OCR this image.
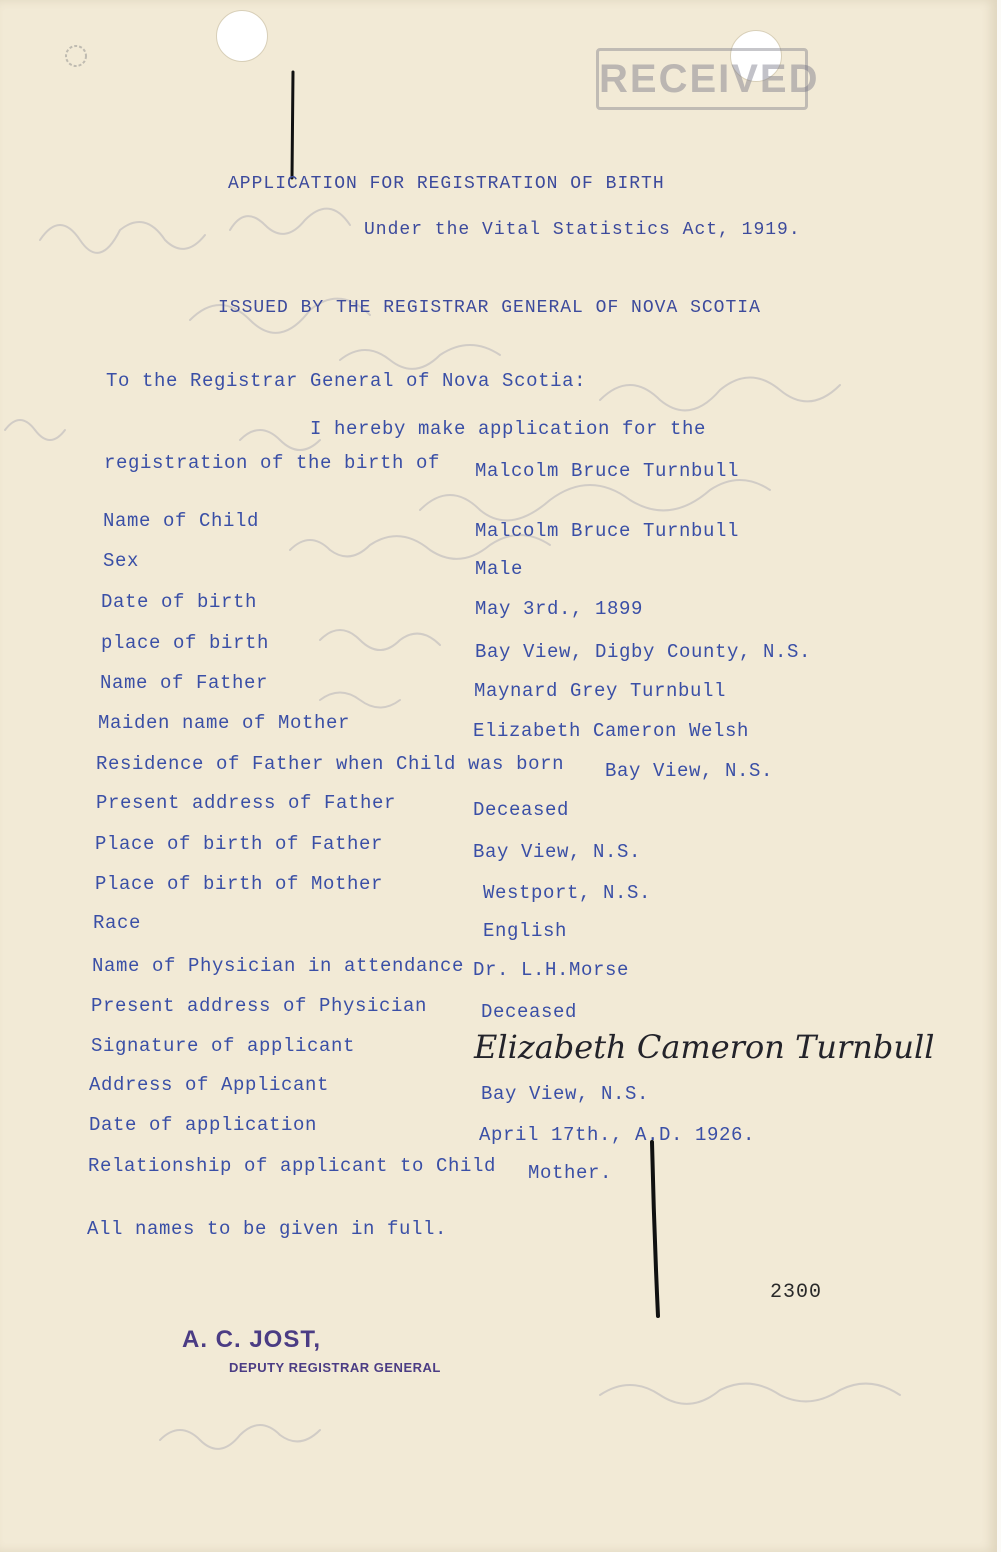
RECEIVED
APPLICATION FOR REGISTRATION OF BIRTH
Under the Vital Statistics Act, 1919.
ISSUED BY THE REGISTRAR GENERAL OF NOVA SCOTIA
To the Registrar General of Nova Scotia:
I hereby make application for the
registration of the birth of Malcolm Bruce Turnbull
Name of Child	Malcolm Bruce Turnbull
Sex	Male
Date of birth	May 3rd., 1899
place of birth	Bay View, Digby County, N.S.
Name of Father	Maynard Grey Turnbull
Maiden name of Mother	Elizabeth Cameron Welsh
Residence of Father when Child was born Bay View, N.S.
Present address of Father	Deceased
Place of birth of Father	Bay View, N.S.
Place of birth of Mother	Westport, N.S.
Race	English
Name of Physician in attendance Dr. L.H.Morse
Present address of Physician	Deceased
Signature of applicant	Elizabeth Cameron Turnbull
Address of Applicant	Bay View, N.S.
Date of application	April 17th., A.D. 1926.
Relationship of applicant to Child Mother.
All names to be given in full.
2300
A. C. JOST,
DEPUTY REGISTRAR GENERAL
